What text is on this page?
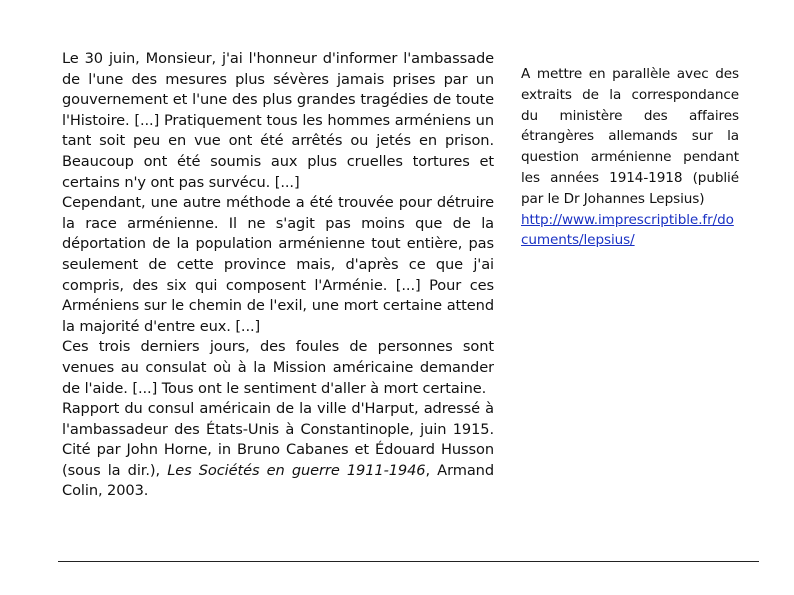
Le 30 juin, Monsieur, j'ai l'honneur d'informer l'ambassade de l'une des mesures plus sévères jamais prises par un gouvernement et l'une des plus grandes tragédies de toute l'Histoire. [...] Pratiquement tous les hommes arméniens un tant soit peu en vue ont été arrêtés ou jetés en prison. Beaucoup ont été soumis aux plus cruelles tortures et certains n'y ont pas survécu. [...]

Cependant, une autre méthode a été trouvée pour détruire la race arménienne. Il ne s'agit pas moins que de la déportation de la population arménienne tout entière, pas seulement de cette province mais, d'après ce que j'ai compris, des six qui composent l'Arménie. [...] Pour ces Arméniens sur le chemin de l'exil, une mort certaine attend la majorité d'entre eux. [...]

Ces trois derniers jours, des foules de personnes sont venues au consulat où à la Mission américaine demander de l'aide. [...] Tous ont le sentiment d'aller à mort certaine.

Rapport du consul américain de la ville d'Harput, adressé à l'ambassadeur des États-Unis à Constantinople, juin 1915. Cité par John Horne, in Bruno Cabanes et Édouard Husson (sous la dir.), Les Sociétés en guerre 1911-1946, Armand Colin, 2003.

A mettre en parallèle avec des extraits de la correspondance du ministère des affaires étrangères allemands sur la question arménienne pendant les années 1914-1918 (publié par le Dr Johannes Lepsius)

http://www.imprescriptible.fr/documents/lepsius/
